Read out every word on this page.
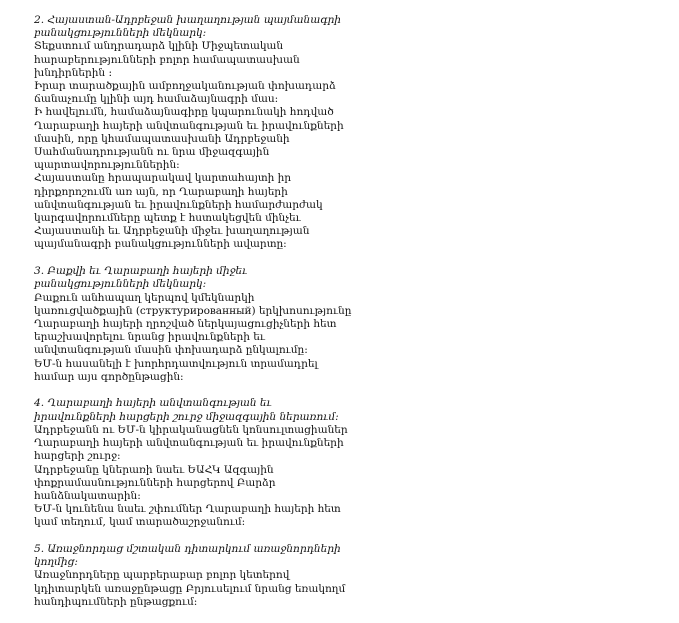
2. Հայաստան-Ադրբեջան խաղաղության պայմանագրի
բանակցությունների մեկնարկ:
Տեքստում անդրադարձ կլինի Միջպետական
հարաբերությունների բոլոր համապատասխան
խնդիրներին ։
Իրար տարածքային ամբողջականության փոխադարձ
ճանաչումը կլինի այդ համաձայնագրի մաս:
Ի հավելումն, համաձայնագիրը կպարունակի հոդված
Ղարաբաղի հայերի անվտանգության եւ իրավունքների
մասին, որը կհամապատասխանի Ադրբեջանի
Սահմանադրությանն ու նրա միջազգային
պարտավորություններին:
Հայաստանը հրապարակավ կարտահայտի իր
դիրքորոշումն առ այն, որ Ղարաբաղի հայերի
անվտանգության եւ իրավունքների համարժարժակ
կարգավորումները պետք է հստակեցվեն մինչեւ
Հայաստանի եւ Ադրբեջանի միջեւ խաղաղության
պայմանագրի բանակցությունների ավարտը:
3. Բաքվի եւ Ղարաբաղի հայերի միջեւ
բանակցությունների մեկնարկ:
Բաքուն անհապաղ կերպով կմեկնարկի
կառուցվածքային (структурированный) երկխոսությունը
Ղարաբաղի հայերի ղրոշված ներկայացուցիչների հետ
երաշխավորելու նրանց իրավունքների եւ
անվտանգության մասին փոխադարձ ընկալումը:
ԵՄ-ն հասանելի է խորհրդատվություն տրամադրել
համար այս գործընթացին:
4. Ղարաբաղի հայերի անվտանգության եւ
իրավունքների հարցերի շուրջ միջազգային ներառում:
Ադրբեջանն ու ԵՄ-ն կիրականացնեն կոնսուլտացիաներ
Ղարաբաղի հայերի անվտանգության եւ իրավունքների
հարցերի շուրջ:
Ադրբեջանը կներառի նաեւ ԵԱՀԿ Ազգային
փոքրամասնությունների հարցերով Բարձր
հանձնակատարին:
ԵՄ-ն կունենա նաեւ շփումներ Ղարաբաղի հայերի հետ
կամ տեղում, կամ տարածաշրջանում:
5. Առաջնորդաց մշտական դիտարկում առաջնորդների
կողմից:
Առաջնորդները պարբերաբար բոլոր կետերով
կդիտարկեն առաջընթացը Բրյուսելում նրանց եռակողմ
հանդիպումների ընթացքում:
